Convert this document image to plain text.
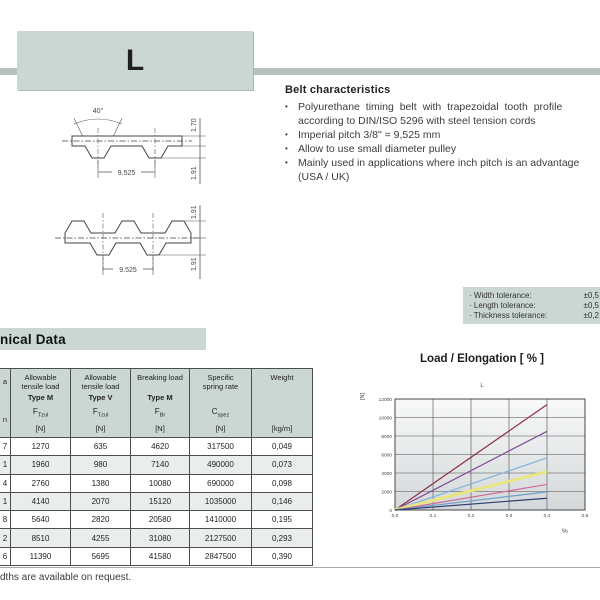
L
Belt characteristics
• Polyurethane timing belt with trapezoidal tooth profile
according to DIN/ISO 5296 with steel tension cords
• Imperial pitch 3/8" = 9,525 mm
• Allow to use small diameter pulley
• Mainly used in applications where inch pitch is an advantage
(USA / UK)
40°
9.525
1.70
1.91
9.525
1.91
1.91
· Width tolerance:	±0,5
· Length tolerance:	±0,5
· Thickness tolerance:	±0,2
nical Data
a
n
Allowable
tensile load
Type M
$F_{Tzul}$
[N]
Allowable
tensile load
Type V
$F_{Tzul}$
[N]
Breaking load
Type M
$F_{Br}$
[N]
Specific
spring rate
$C_{spez}$
[N]
Weight
[kg/m]
7	1270	635	4620	317500	0,049
1	1960	980	7140	490000	0,073
4	2760	1380	10080	690000	0,098
1	4140	2070	15120	1035000	0,146
8	5640	2820	20580	1410000	0,195
2	8510	4255	31080	2127500	0,293
6	11390	5695	41580	2847500	0,390
dths are available on request.
Load / Elongation [ % ]
L
[N]
%
0
2000
4000
6000
8000
10000
12000
0,0	0,1	0,2	0,3	0,4	0,5
